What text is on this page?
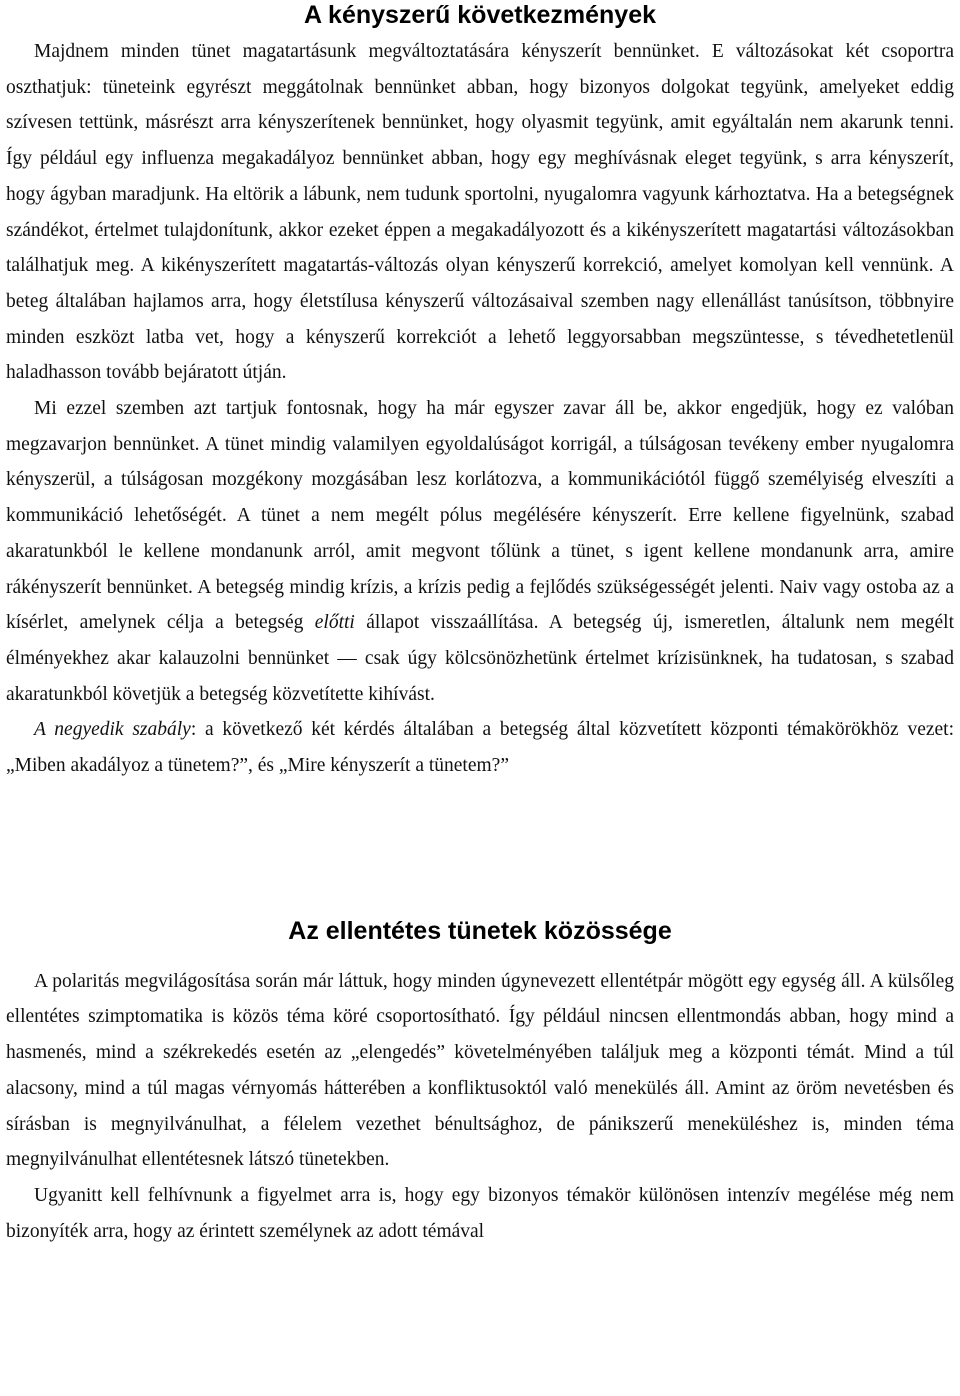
A kényszerű következmények

Majdnem minden tünet magatartásunk megváltoztatására kényszerít bennünket. E változásokat két csoportra oszthatjuk: tüneteink egyrészt meggátolnak bennünket abban, hogy bizonyos dolgokat tegyünk, amelyeket eddig szívesen tettünk, másrészt arra kényszerítenek bennünket, hogy olyasmit tegyünk, amit egyáltalán nem akarunk tenni. Így például egy influenza megakadályoz bennünket abban, hogy egy meghívásnak eleget tegyünk, s arra kényszerít, hogy ágyban maradjunk. Ha eltörik a lábunk, nem tudunk sportolni, nyugalomra vagyunk kárhoztatva. Ha a betegségnek szándékot, értelmet tulajdonítunk, akkor ezeket éppen a megakadályozott és a kikényszerített magatartási változásokban találhatjuk meg. A kikényszerített magatartás-változás olyan kényszerű korrekció, amelyet komolyan kell vennünk. A beteg általában hajlamos arra, hogy életstílusa kényszerű változásaival szemben nagy ellenállást tanúsítson, többnyire minden eszközt latba vet, hogy a kényszerű korrekciót a lehető leggyorsabban megszüntesse, s tévedhetetlenül haladhasson tovább bejáratott útján.

Mi ezzel szemben azt tartjuk fontosnak, hogy ha már egyszer zavar áll be, akkor engedjük, hogy ez valóban megzavarjon bennünket. A tünet mindig valamilyen egyoldalúságot korrigál, a túlságosan tevékeny ember nyugalomra kényszerül, a túlságosan mozgékony mozgásában lesz korlátozva, a kommunikációtól függő személyiség elveszíti a kommunikáció lehetőségét. A tünet a nem megélt pólus megélésére kényszerít. Erre kellene figyelnünk, szabad akaratunkból le kellene mondanunk arról, amit megvont tőlünk a tünet, s igent kellene mondanunk arra, amire rákényszerít bennünket. A betegség mindig krízis, a krízis pedig a fejlődés szükségességét jelenti. Naiv vagy ostoba az a kísérlet, amelynek célja a betegség előtti állapot visszaállítása. A betegség új, ismeretlen, általunk nem megélt élményekhez akar kalauzolni bennünket — csak úgy kölcsönözhetünk értelmet krízisünknek, ha tudatosan, s szabad akaratunkból követjük a betegség közvetítette kihívást.

A negyedik szabály: a következő két kérdés általában a betegség által közvetített központi témakörökhöz vezet: „Miben akadályoz a tünetem?”, és „Mire kényszerít a tünetem?”

Az ellentétes tünetek közössége

A polaritás megvilágosítása során már láttuk, hogy minden úgynevezett ellentétpár mögött egy egység áll. A külsőleg ellentétes szimptomatika is közös téma köré csoportosítható. Így például nincsen ellentmondás abban, hogy mind a hasmenés, mind a székrekedés esetén az „elengedés” követelményében találjuk meg a központi témát. Mind a túl alacsony, mind a túl magas vérnyomás hátterében a konfliktusoktól való menekülés áll. Amint az öröm nevetésben és sírásban is megnyilvánulhat, a félelem vezethet bénultsághoz, de pánikszerű meneküléshez is, minden téma megnyilvánulhat ellentétesnek látszó tünetekben.

Ugyanitt kell felhívnunk a figyelmet arra is, hogy egy bizonyos témakör különösen intenzív megélése még nem bizonyíték arra, hogy az érintett személynek az adott témával
